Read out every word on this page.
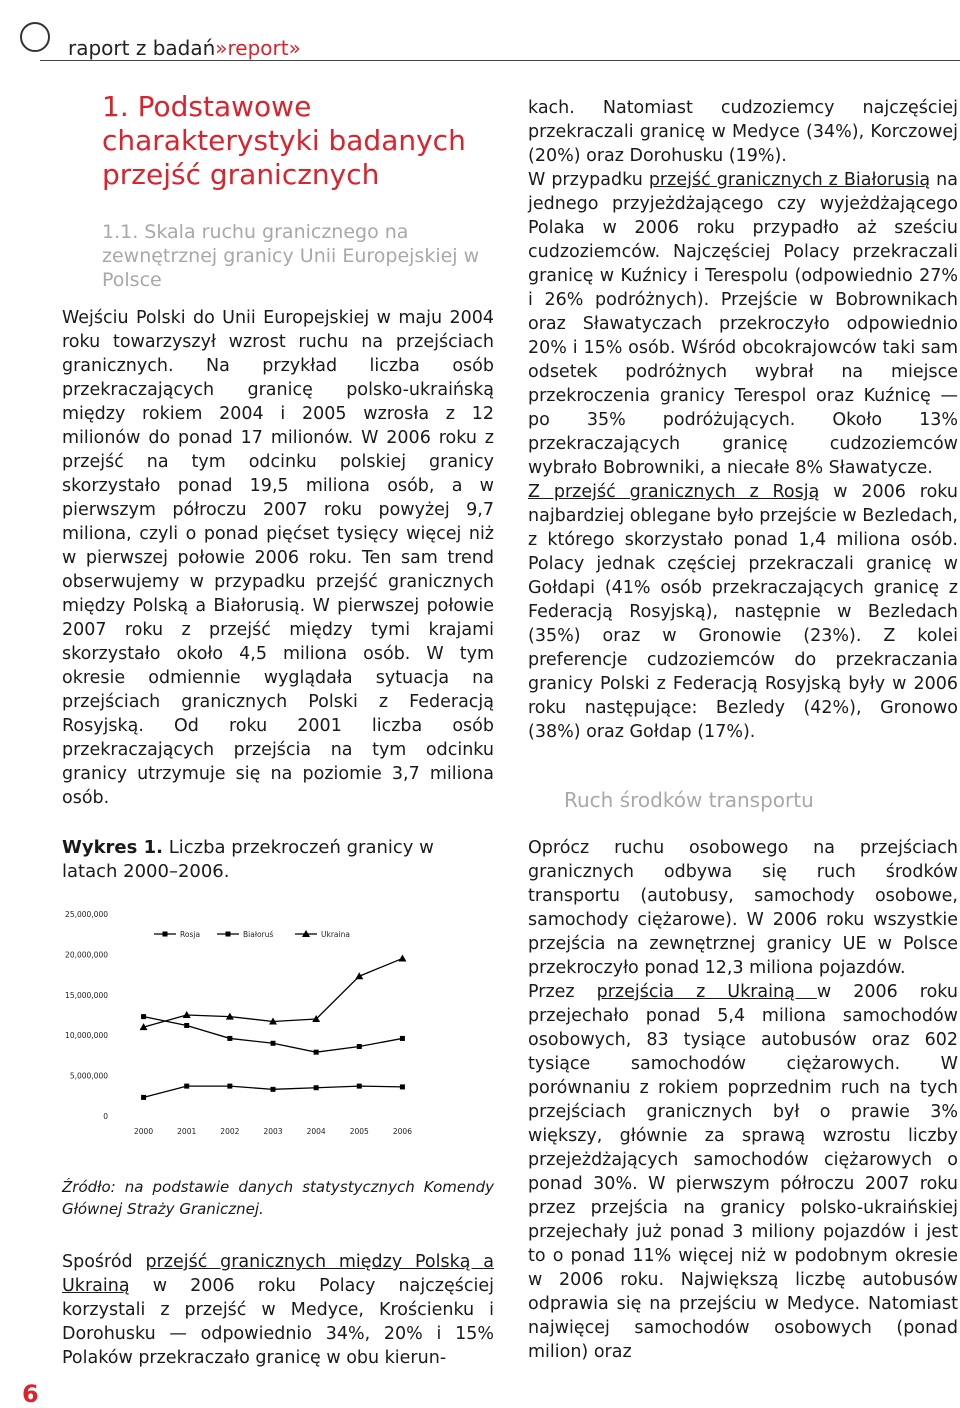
raport z badań»report»
1. Podstawowe charakterystyki badanych przejść granicznych
1.1. Skala ruchu granicznego na zewnętrznej granicy Unii Europejskiej w Polsce

Wejściu Polski do Unii Europejskiej w maju 2004 roku towarzyszył wzrost ruchu na przejściach granicznych. Na przykład liczba osób przekraczających granicę polsko-ukraińską między rokiem 2004 i 2005 wzrosła z 12 milionów do ponad 17 milionów. W 2006 roku z przejść na tym odcinku polskiej granicy skorzystało ponad 19,5 miliona osób, a w pierwszym półroczu 2007 roku powyżej 9,7 miliona, czyli o ponad pięćset tysięcy więcej niż w pierwszej połowie 2006 roku. Ten sam trend obserwujemy w przypadku przejść granicznych między Polską a Białorusią. W pierwszej połowie 2007 roku z przejść między tymi krajami skorzystało około 4,5 miliona osób. W tym okresie odmiennie wyglądała sytuacja na przejściach granicznych Polski z Federacją Rosyjską. Od roku 2001 liczba osób przekraczających przejścia na tym odcinku granicy utrzymuje się na poziomie 3,7 miliona osób.

Wykres 1. Liczba przekroczeń granicy w latach 2000–2006.
25,000,000
20,000,000
15,000,000
10,000,000
5,000,000
0
2000	2001	2002	2003	2004	2005	2006
Rosja	Białoruś	Ukraina
Źródło: na podstawie danych statystycznych Komendy Głównej Straży Granicznej.

Spośród przejść granicznych między Polską a Ukrainą w 2006 roku Polacy najczęściej korzystali z przejść w Medyce, Krościenku i Dorohusku — odpowiednio 34%, 20% i 15% Polaków przekraczało granicę w obu kierun-

kach. Natomiast cudzoziemcy najczęściej przekraczali granicę w Medyce (34%), Korczowej (20%) oraz Dorohusku (19%).

W przypadku przejść granicznych z Białorusią na jednego przyjeżdżającego czy wyjeżdżającego Polaka w 2006 roku przypadło aż sześciu cudzoziemców. Najczęściej Polacy przekraczali granicę w Kuźnicy i Terespolu (odpowiednio 27% i 26% podróżnych). Przejście w Bobrownikach oraz Sławatyczach przekroczyło odpowiednio 20% i 15% osób. Wśród obcokrajowców taki sam odsetek podróżnych wybrał na miejsce przekroczenia granicy Terespol oraz Kuźnicę — po 35% podróżujących. Około 13% przekraczających granicę cudzoziemców wybrało Bobrowniki, a niecałe 8% Sławatycze.

Z przejść granicznych z Rosją w 2006 roku najbardziej oblegane było przejście w Bezledach, z którego skorzystało ponad 1,4 miliona osób. Polacy jednak częściej przekraczali granicę w Gołdapi (41% osób przekraczających granicę z Federacją Rosyjską), następnie w Bezledach (35%) oraz w Gronowie (23%). Z kolei preferencje cudzoziemców do przekraczania granicy Polski z Federacją Rosyjską były w 2006 roku następujące: Bezledy (42%), Gronowo (38%) oraz Gołdap (17%).

Ruch środków transportu

Oprócz ruchu osobowego na przejściach granicznych odbywa się ruch środków transportu (autobusy, samochody osobowe, samochody ciężarowe). W 2006 roku wszystkie przejścia na zewnętrznej granicy UE w Polsce przekroczyło ponad 12,3 miliona pojazdów.

Przez przejścia z Ukrainą w 2006 roku przejechało ponad 5,4 miliona samochodów osobowych, 83 tysiące autobusów oraz 602 tysiące samochodów ciężarowych. W porównaniu z rokiem poprzednim ruch na tych przejściach granicznych był o prawie 3% większy, głównie za sprawą wzrostu liczby przejeżdżających samochodów ciężarowych o ponad 30%. W pierwszym półroczu 2007 roku przez przejścia na granicy polsko-ukraińskiej przejechały już ponad 3 miliony pojazdów i jest to o ponad 11% więcej niż w podobnym okresie w 2006 roku. Największą liczbę autobusów odprawia się na przejściu w Medyce. Natomiast najwięcej samochodów osobowych (ponad milion) oraz

6
